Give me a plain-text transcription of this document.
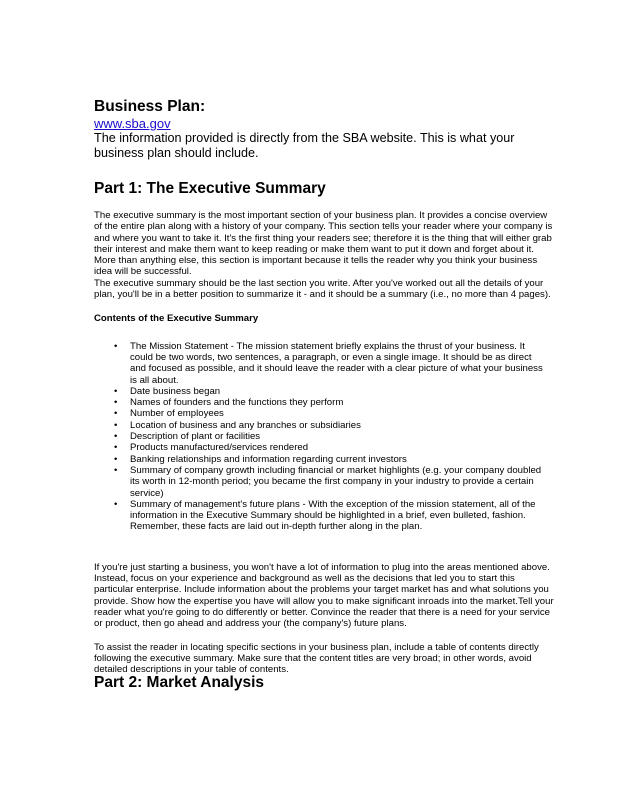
Business Plan:
www.sba.gov

The information provided is directly from the SBA website. This is what your business plan should include.

Part 1: The Executive Summary

The executive summary is the most important section of your business plan. It provides a concise overview of the entire plan along with a history of your company. This section tells your reader where your company is and where you want to take it. It's the first thing your readers see; therefore it is the thing that will either grab their interest and make them want to keep reading or make them want to put it down and forget about it. More than anything else, this section is important because it tells the reader why you think your business idea will be successful.

The executive summary should be the last section you write. After you've worked out all the details of your plan, you'll be in a better position to summarize it - and it should be a summary (i.e., no more than 4 pages).

Contents of the Executive Summary

• The Mission Statement - The mission statement briefly explains the thrust of your business. It could be two words, two sentences, a paragraph, or even a single image. It should be as direct and focused as possible, and it should leave the reader with a clear picture of what your business is all about.
• Date business began
• Names of founders and the functions they perform
• Number of employees
• Location of business and any branches or subsidiaries
• Description of plant or facilities
• Products manufactured/services rendered
• Banking relationships and information regarding current investors
• Summary of company growth including financial or market highlights (e.g. your company doubled its worth in 12-month period; you became the first company in your industry to provide a certain service)
• Summary of management's future plans - With the exception of the mission statement, all of the information in the Executive Summary should be highlighted in a brief, even bulleted, fashion. Remember, these facts are laid out in-depth further along in the plan.

If you're just starting a business, you won't have a lot of information to plug into the areas mentioned above. Instead, focus on your experience and background as well as the decisions that led you to start this particular enterprise. Include information about the problems your target market has and what solutions you provide. Show how the expertise you have will allow you to make significant inroads into the market.Tell your reader what you're going to do differently or better. Convince the reader that there is a need for your service or product, then go ahead and address your (the company's) future plans.

To assist the reader in locating specific sections in your business plan, include a table of contents directly following the executive summary. Make sure that the content titles are very broad; in other words, avoid detailed descriptions in your table of contents.

Part 2: Market Analysis
